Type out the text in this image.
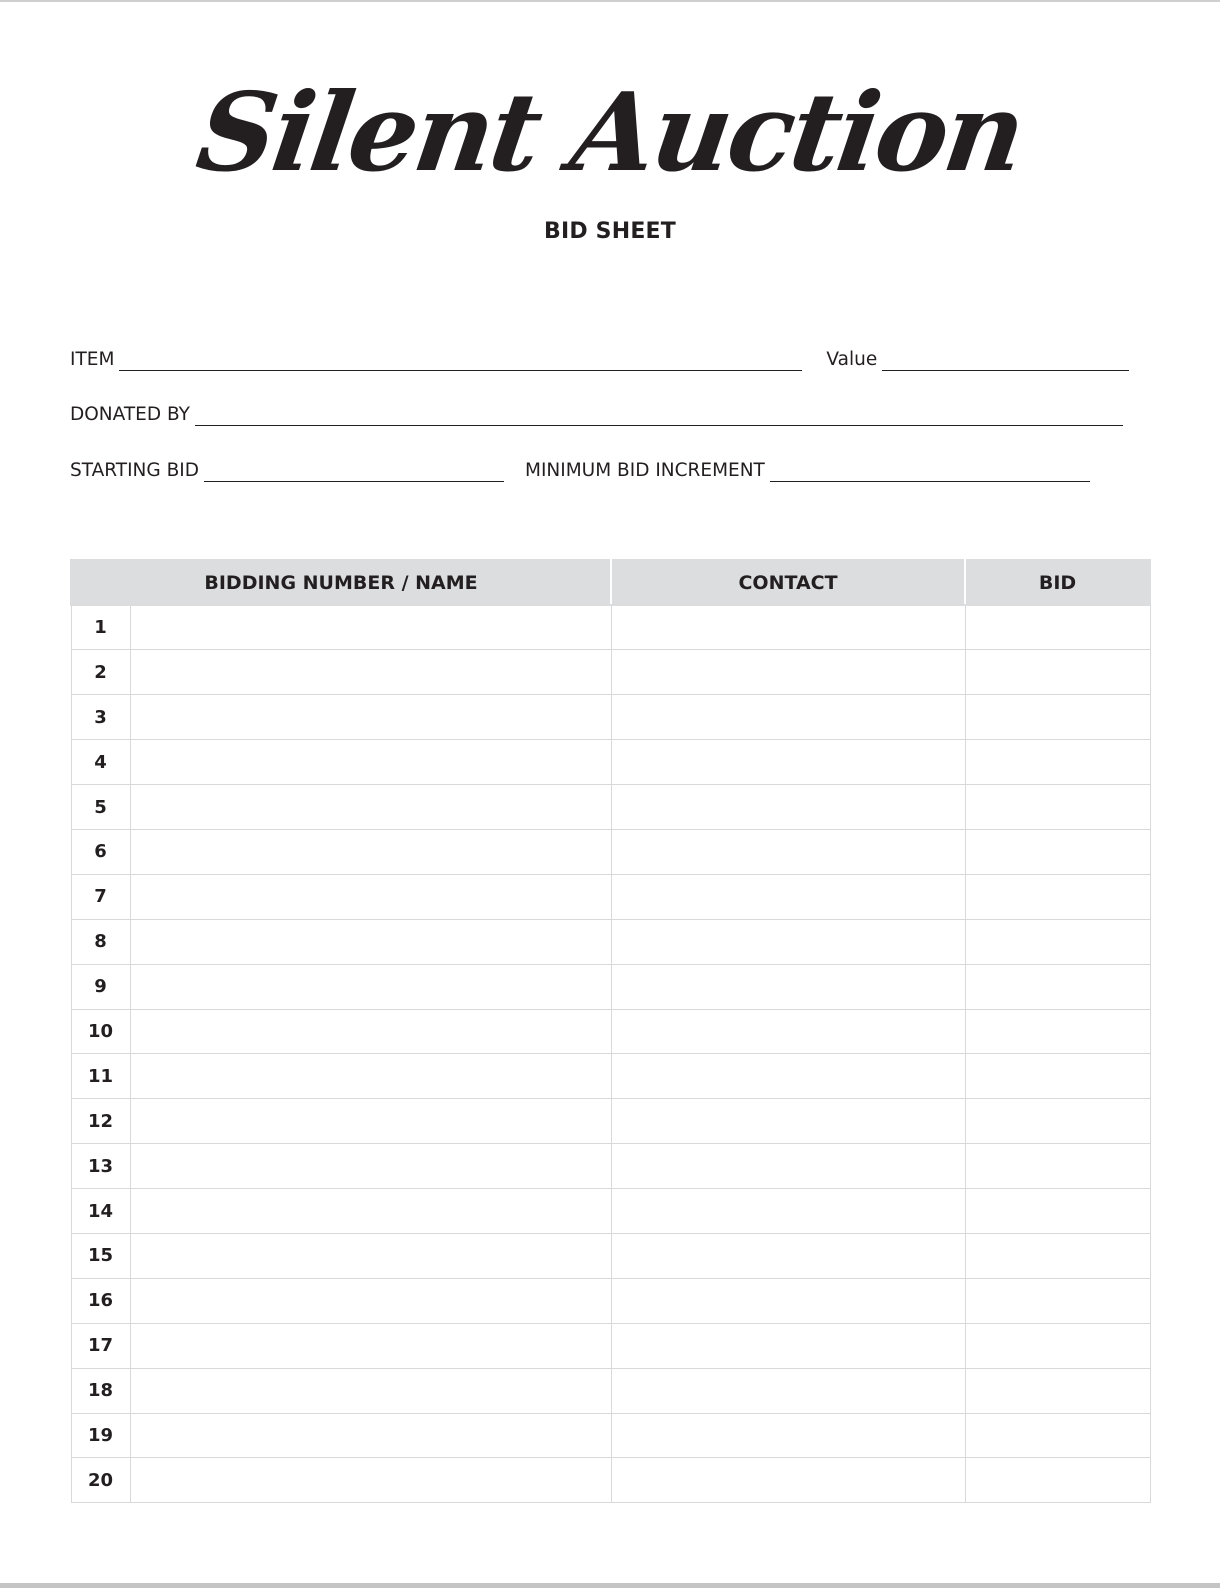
Silent Auction
BID SHEET
ITEM	Value
DONATED BY
STARTING BID	MINIMUM BID INCREMENT
BIDDING NUMBER / NAME		CONTACT	BID
1			
2			
3			
4			
5			
6			
7			
8			
9			
10			
11			
12			
13			
14			
15			
16			
17			
18			
19			
20			
